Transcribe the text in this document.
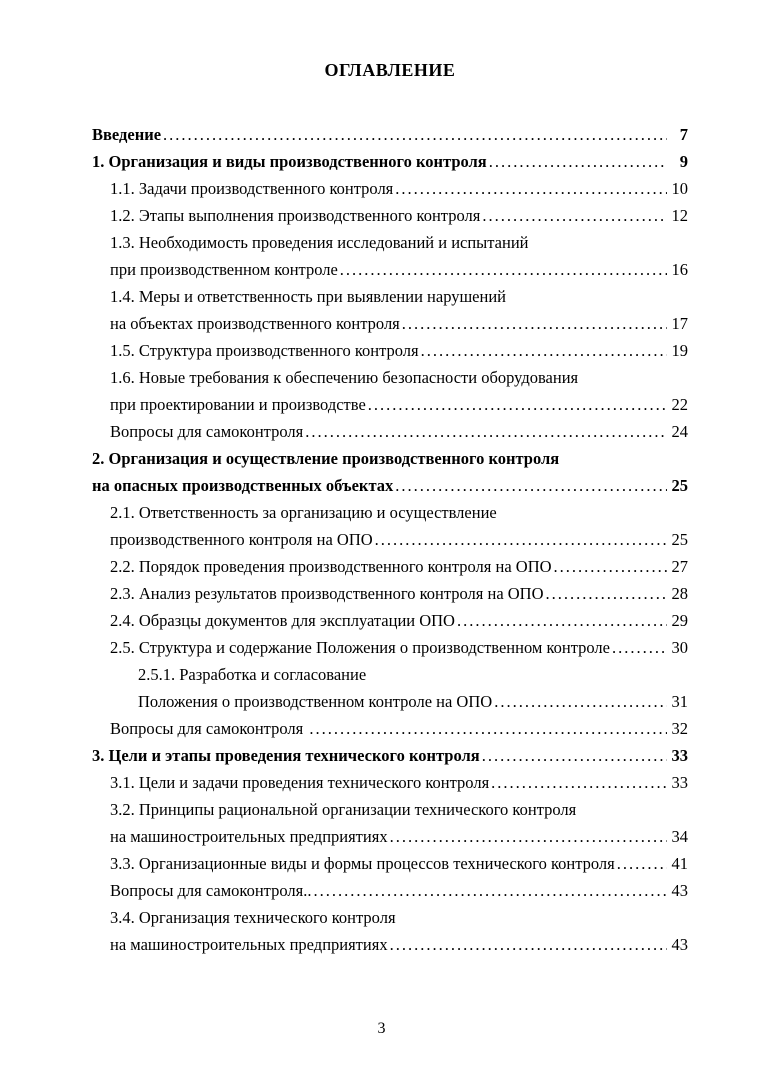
ОГЛАВЛЕНИЕ
Введение .....	7
1. Организация и виды производственного контроля .....	9
1.1. Задачи производственного контроля .....	10
1.2. Этапы выполнения производственного контроля .....	12
1.3. Необходимость проведения исследований и испытаний
при производственном контроле .....	16
1.4. Меры и ответственность при выявлении нарушений
на объектах производственного контроля .....	17
1.5. Структура производственного контроля .....	19
1.6. Новые требования к обеспечению безопасности оборудования
при проектировании и производстве .....	22
Вопросы для самоконтроля .....	24
2. Организация и осуществление производственного контроля
на опасных производственных объектах .....	25
2.1. Ответственность за организацию и осуществление
производственного контроля на ОПО .....	25
2.2. Порядок проведения производственного контроля на ОПО .....	27
2.3. Анализ результатов производственного контроля на ОПО .....	28
2.4. Образцы документов для эксплуатации ОПО .....	29
2.5. Структура и содержание Положения о производственном контроле .....	30
2.5.1. Разработка и согласование
Положения о производственном контроле на ОПО .....	31
Вопросы для самоконтроля .....	32
3. Цели и этапы проведения технического контроля .....	33
3.1. Цели и задачи проведения технического контроля .....	33
3.2. Принципы рациональной организации технического контроля
на машиностроительных предприятиях .....	34
3.3. Организационные виды и формы процессов технического контроля .....	41
Вопросы для самоконтроля.. .....	43
3.4. Организация технического контроля
на машиностроительных предприятиях .....	43
3
